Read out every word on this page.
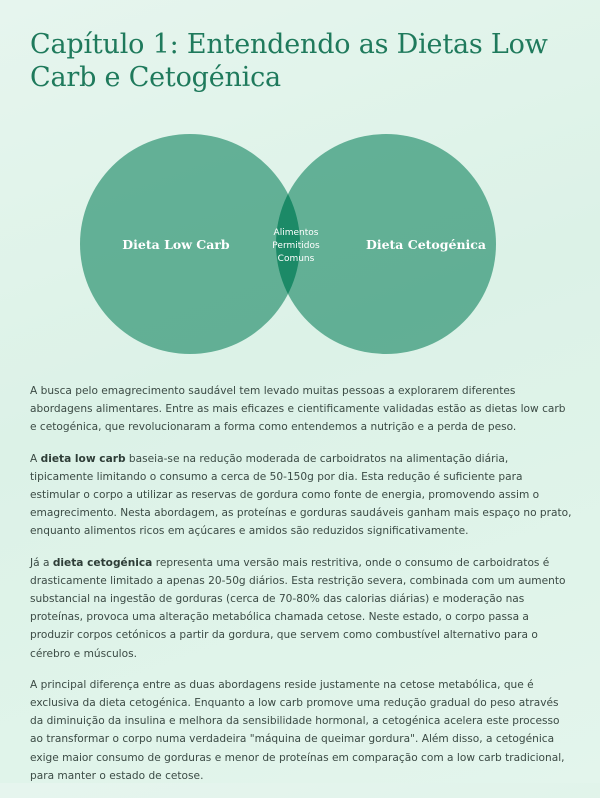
Capítulo 1: Entendendo as Dietas Low Carb e Cetogénica
Dieta Low Carb	Dieta Cetogénica
Alimentos
Permitidos
Comuns

A busca pelo emagrecimento saudável tem levado muitas pessoas a explorarem diferentes abordagens alimentares. Entre as mais eficazes e cientificamente validadas estão as dietas low carb e cetogénica, que revolucionaram a forma como entendemos a nutrição e a perda de peso.

A dieta low carb baseia-se na redução moderada de carboidratos na alimentação diária, tipicamente limitando o consumo a cerca de 50-150g por dia. Esta redução é suficiente para estimular o corpo a utilizar as reservas de gordura como fonte de energia, promovendo assim o emagrecimento. Nesta abordagem, as proteínas e gorduras saudáveis ganham mais espaço no prato, enquanto alimentos ricos em açúcares e amidos são reduzidos significativamente.

Já a dieta cetogénica representa uma versão mais restritiva, onde o consumo de carboidratos é drasticamente limitado a apenas 20-50g diários. Esta restrição severa, combinada com um aumento substancial na ingestão de gorduras (cerca de 70-80% das calorias diárias) e moderação nas proteínas, provoca uma alteração metabólica chamada cetose. Neste estado, o corpo passa a produzir corpos cetónicos a partir da gordura, que servem como combustível alternativo para o cérebro e músculos.

A principal diferença entre as duas abordagens reside justamente na cetose metabólica, que é exclusiva da dieta cetogénica. Enquanto a low carb promove uma redução gradual do peso através da diminuição da insulina e melhora da sensibilidade hormonal, a cetogénica acelera este processo ao transformar o corpo numa verdadeira "máquina de queimar gordura". Além disso, a cetogénica exige maior consumo de gorduras e menor de proteínas em comparação com a low carb tradicional, para manter o estado de cetose.
